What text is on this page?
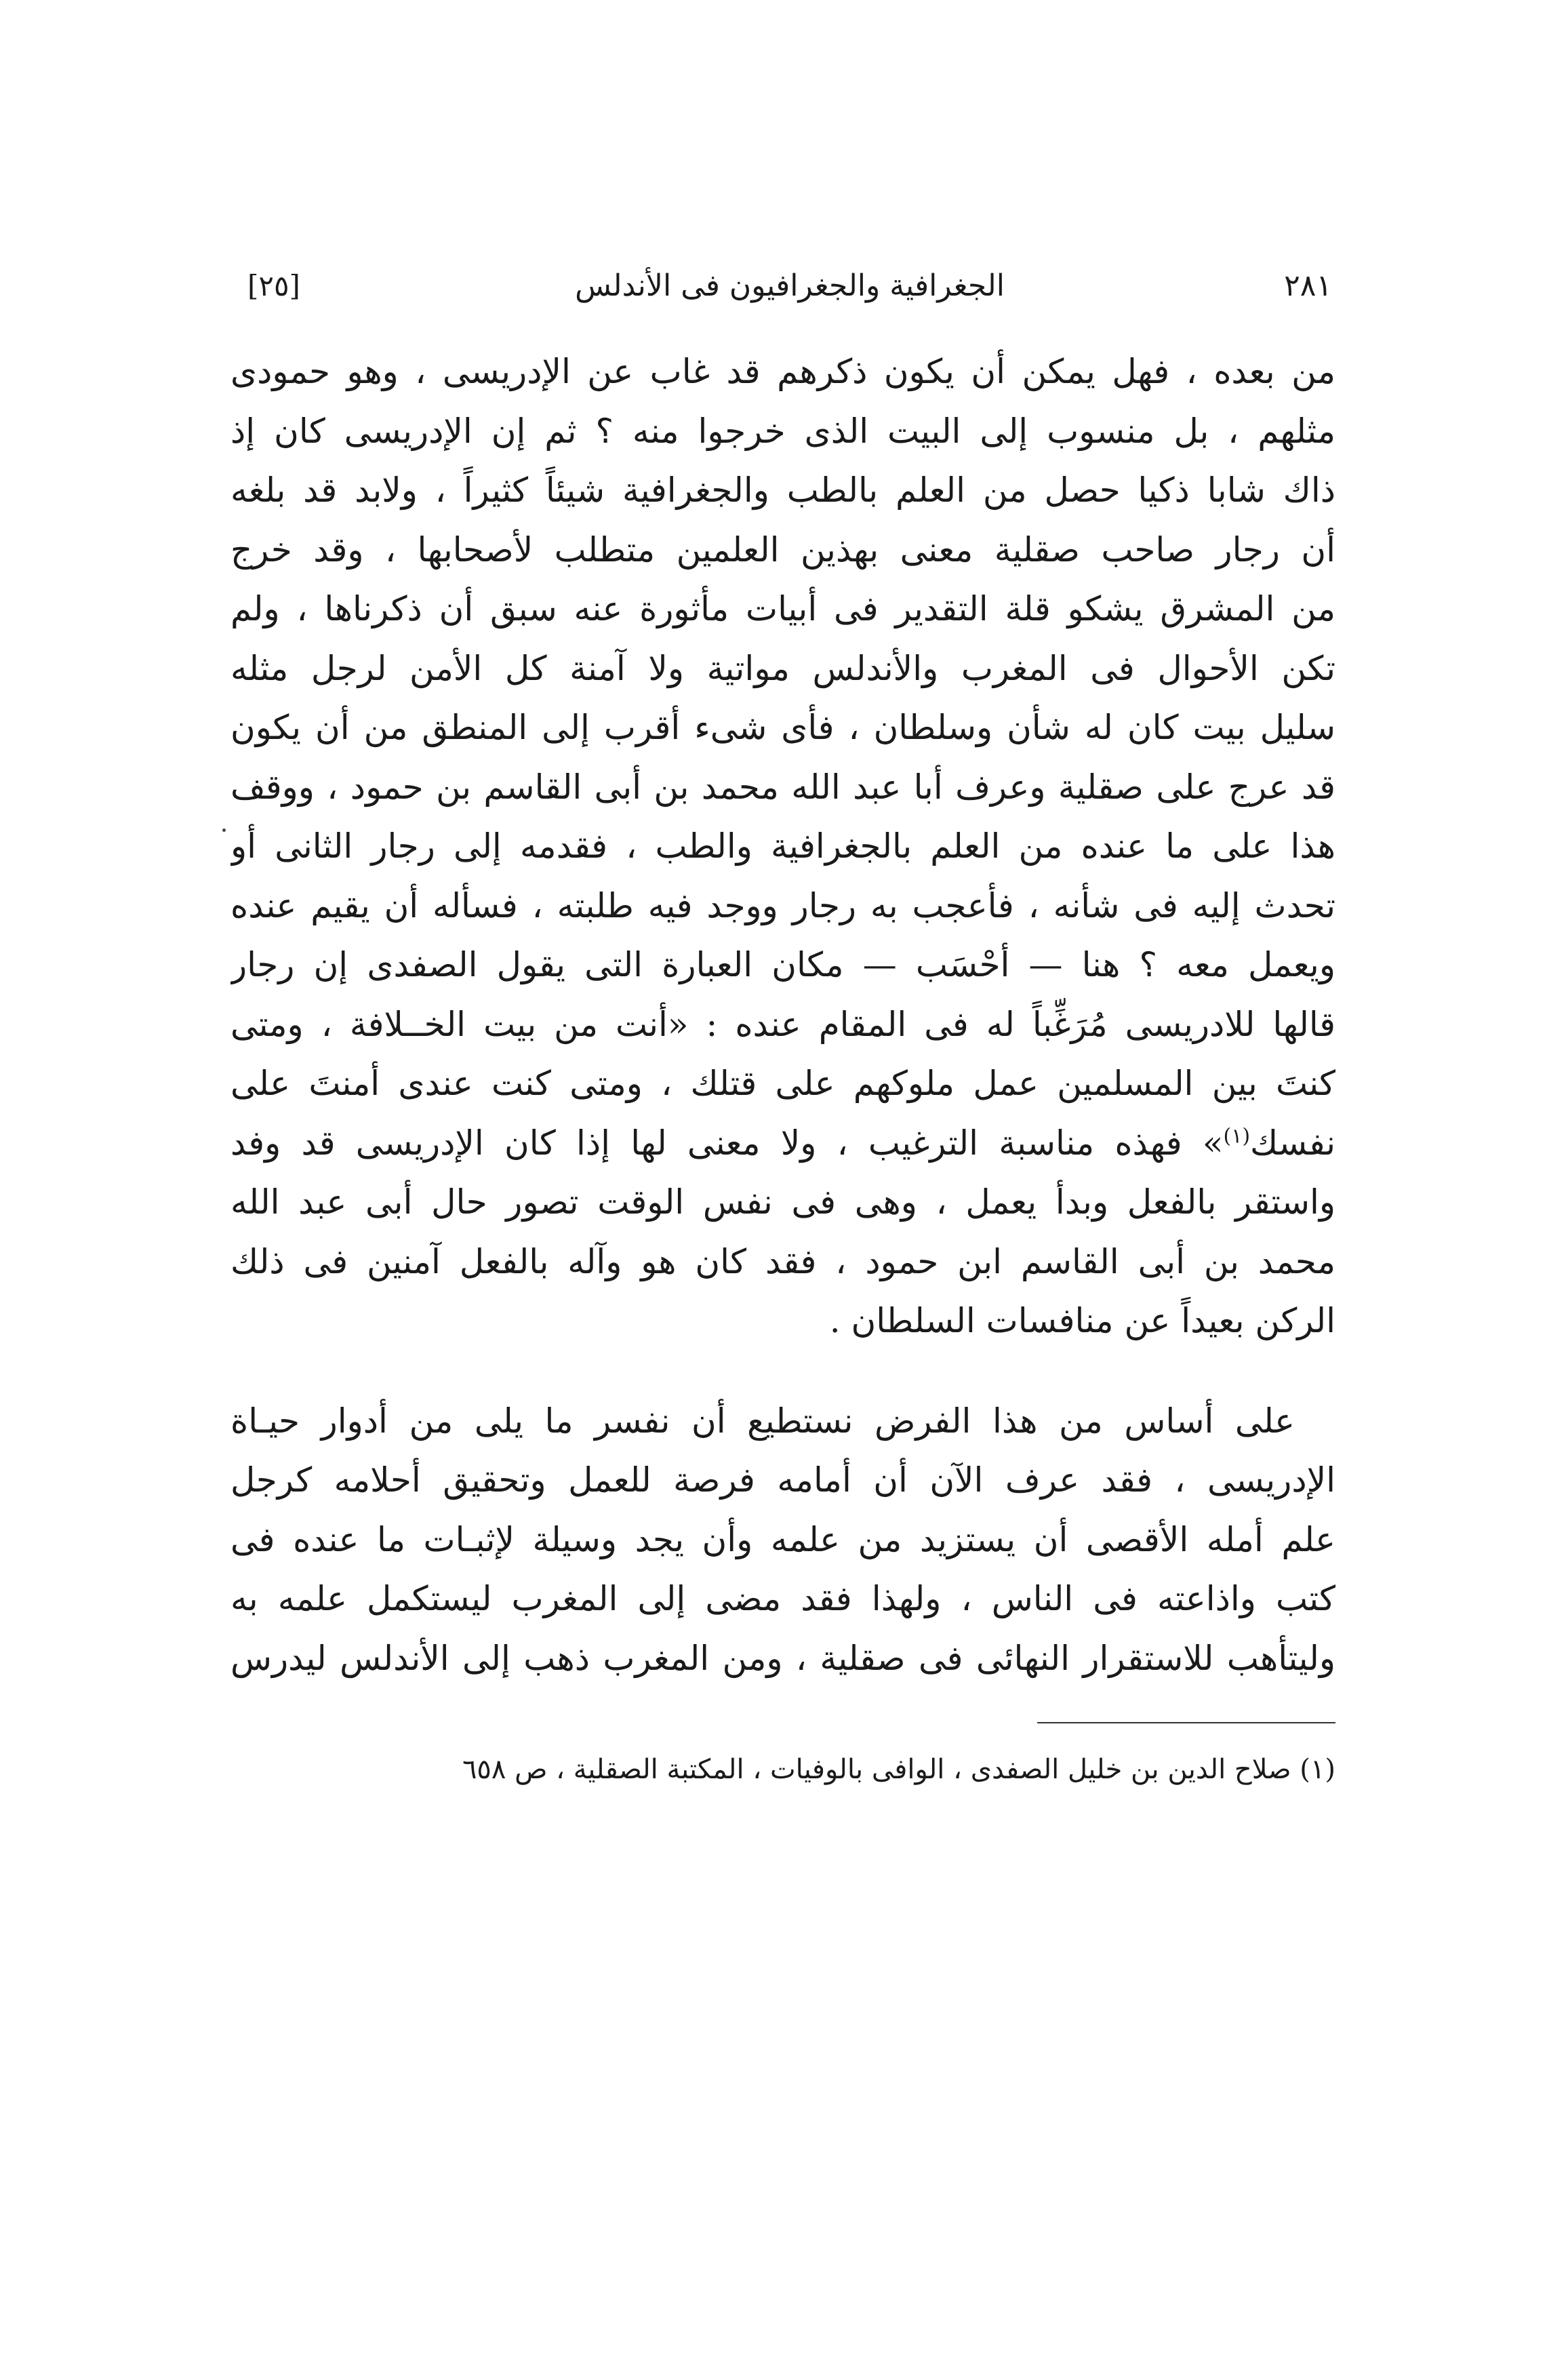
[٢٥]	الجغرافية والجغرافيون فى الأندلس	٢٨١
من بعده ، فهل يمكن أن يكون ذكرهم قد غاب عن الإدريسى ، وهو حمودى
مثلهم ، بل منسوب إلى البيت الذى خرجوا منه ؟ ثم إن الإدريسى كان إذ
ذاك شابا ذكيا حصل من العلم بالطب والجغرافية شيئاً كثيراً ، ولابد قد بلغه
أن رجار صاحب صقلية معنى بهذين العلمين متطلب لأصحابها ، وقد خرج
من المشرق يشكو قلة التقدير فى أبيات مأثورة عنه سبق أن ذكرناها ، ولم
تكن الأحوال فى المغرب والأندلس مواتية ولا آمنة كل الأمن لرجل مثله
سليل بيت كان له شأن وسلطان ، فأى شىء أقرب إلى المنطق من أن يكون
قد عرج على صقلية وعرف أبا عبد الله محمد بن أبى القاسم بن حمود ، ووقف
هذا على ما عنده من العلم بالجغرافية والطب ، فقدمه إلى رجار الثانى أو
تحدث إليه فى شأنه ، فأعجب به رجار ووجد فيه طلبته ، فسأله أن يقيم عنده
ويعمل معه ؟ هنا — أحْسَب — مكان العبارة التى يقول الصفدى إن رجار
قالها للادريسى مُرَغِّباً له فى المقام عنده : «أنت من بيت الخــلافة ، ومتى
كنتَ بين المسلمين عمل ملوكهم على قتلك ، ومتى كنت عندى أمنتَ على
نفسك$^{(١)}$» فهذه مناسبة الترغيب ، ولا معنى لها إذا كان الإدريسى قد وفد
واستقر بالفعل وبدأ يعمل ، وهى فى نفس الوقت تصور حال أبى عبد الله
محمد بن أبى القاسم ابن حمود ، فقد كان هو وآله بالفعل آمنين فى ذلك
الركن بعيداً عن منافسات السلطان .
على أساس من هذا الفرض نستطيع أن نفسر ما يلى من أدوار حيـاة
الإدريسى ، فقد عرف الآن أن أمامه فرصة للعمل وتحقيق أحلامه كرجل
علم أمله الأقصى أن يستزيد من علمه وأن يجد وسيلة لإثبـات ما عنده فى
كتب واذاعته فى الناس ، ولهذا فقد مضى إلى المغرب ليستكمل علمه به
وليتأهب للاستقرار النهائى فى صقلية ، ومن المغرب ذهب إلى الأندلس ليدرس
(١) صلاح الدين بن خليل الصفدى ، الوافى بالوفيات ، المكتبة الصقلية ، ص ٦٥٨
